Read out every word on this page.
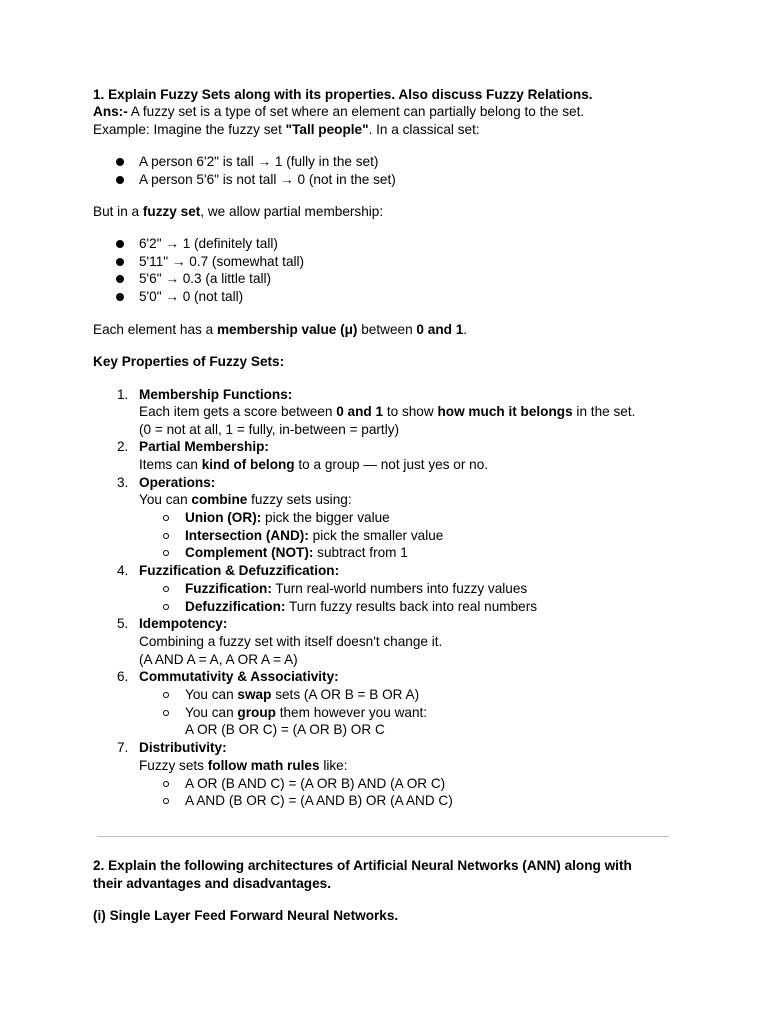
1. Explain Fuzzy Sets along with its properties. Also discuss Fuzzy Relations.
Ans:- A fuzzy set is a type of set where an element can partially belong to the set.
Example: Imagine the fuzzy set "Tall people". In a classical set:
A person 6'2" is tall → 1 (fully in the set)
A person 5'6" is not tall → 0 (not in the set)
But in a fuzzy set, we allow partial membership:
6'2" → 1 (definitely tall)
5'11" → 0.7 (somewhat tall)
5'6" → 0.3 (a little tall)
5'0" → 0 (not tall)
Each element has a membership value (μ) between 0 and 1.
Key Properties of Fuzzy Sets:
1. Membership Functions:
Each item gets a score between 0 and 1 to show how much it belongs in the set.
(0 = not at all, 1 = fully, in-between = partly)
2. Partial Membership:
Items can kind of belong to a group — not just yes or no.
3. Operations:
You can combine fuzzy sets using:
Union (OR): pick the bigger value
Intersection (AND): pick the smaller value
Complement (NOT): subtract from 1
4. Fuzzification & Defuzzification:
Fuzzification: Turn real-world numbers into fuzzy values
Defuzzification: Turn fuzzy results back into real numbers
5. Idempotency:
Combining a fuzzy set with itself doesn't change it.
(A AND A = A, A OR A = A)
6. Commutativity & Associativity:
You can swap sets (A OR B = B OR A)
You can group them however you want:
A OR (B OR C) = (A OR B) OR C
7. Distributivity:
Fuzzy sets follow math rules like:
A OR (B AND C) = (A OR B) AND (A OR C)
A AND (B OR C) = (A AND B) OR (A AND C)
2. Explain the following architectures of Artificial Neural Networks (ANN) along with
their advantages and disadvantages.
(i) Single Layer Feed Forward Neural Networks.
